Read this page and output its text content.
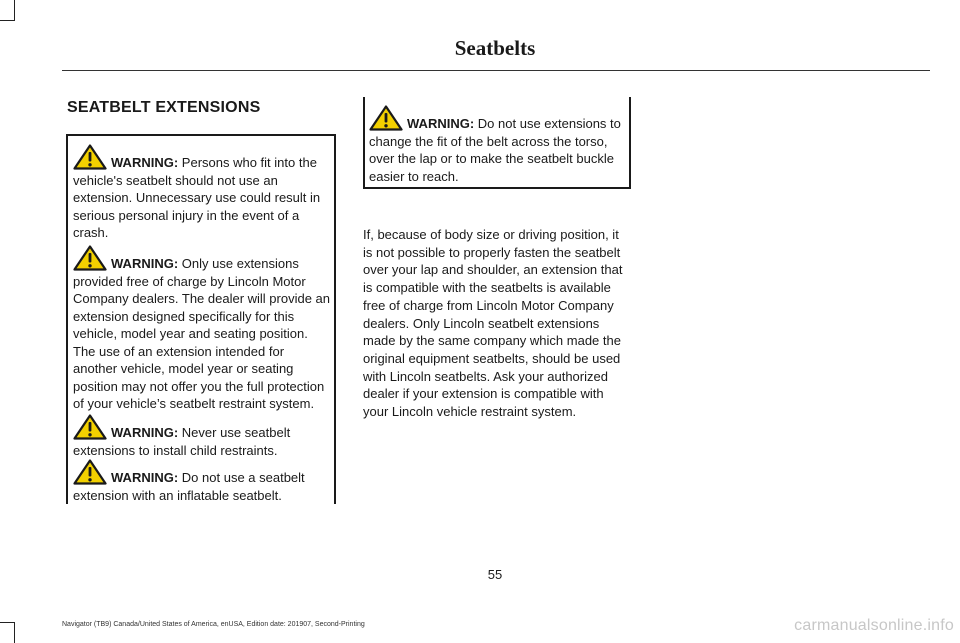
Seatbelts
SEATBELT EXTENSIONS
WARNING: Persons who fit into the vehicle's seatbelt should not use an extension. Unnecessary use could result in serious personal injury in the event of a crash.
WARNING: Only use extensions provided free of charge by Lincoln Motor Company dealers. The dealer will provide an extension designed specifically for this vehicle, model year and seating position. The use of an extension intended for another vehicle, model year or seating position may not offer you the full protection of your vehicle’s seatbelt restraint system.
WARNING: Never use seatbelt extensions to install child restraints.
WARNING: Do not use a seatbelt extension with an inflatable seatbelt.
WARNING: Do not use extensions to change the fit of the belt across the torso, over the lap or to make the seatbelt buckle easier to reach.

If, because of body size or driving position, it is not possible to properly fasten the seatbelt over your lap and shoulder, an extension that is compatible with the seatbelts is available free of charge from Lincoln Motor Company dealers. Only Lincoln seatbelt extensions made by the same company which made the original equipment seatbelts, should be used with Lincoln seatbelts. Ask your authorized dealer if your extension is compatible with your Lincoln vehicle restraint system.

55
Navigator (TB9) Canada/United States of America, enUSA, Edition date: 201907, Second-Printing	carmanualsonline.info
